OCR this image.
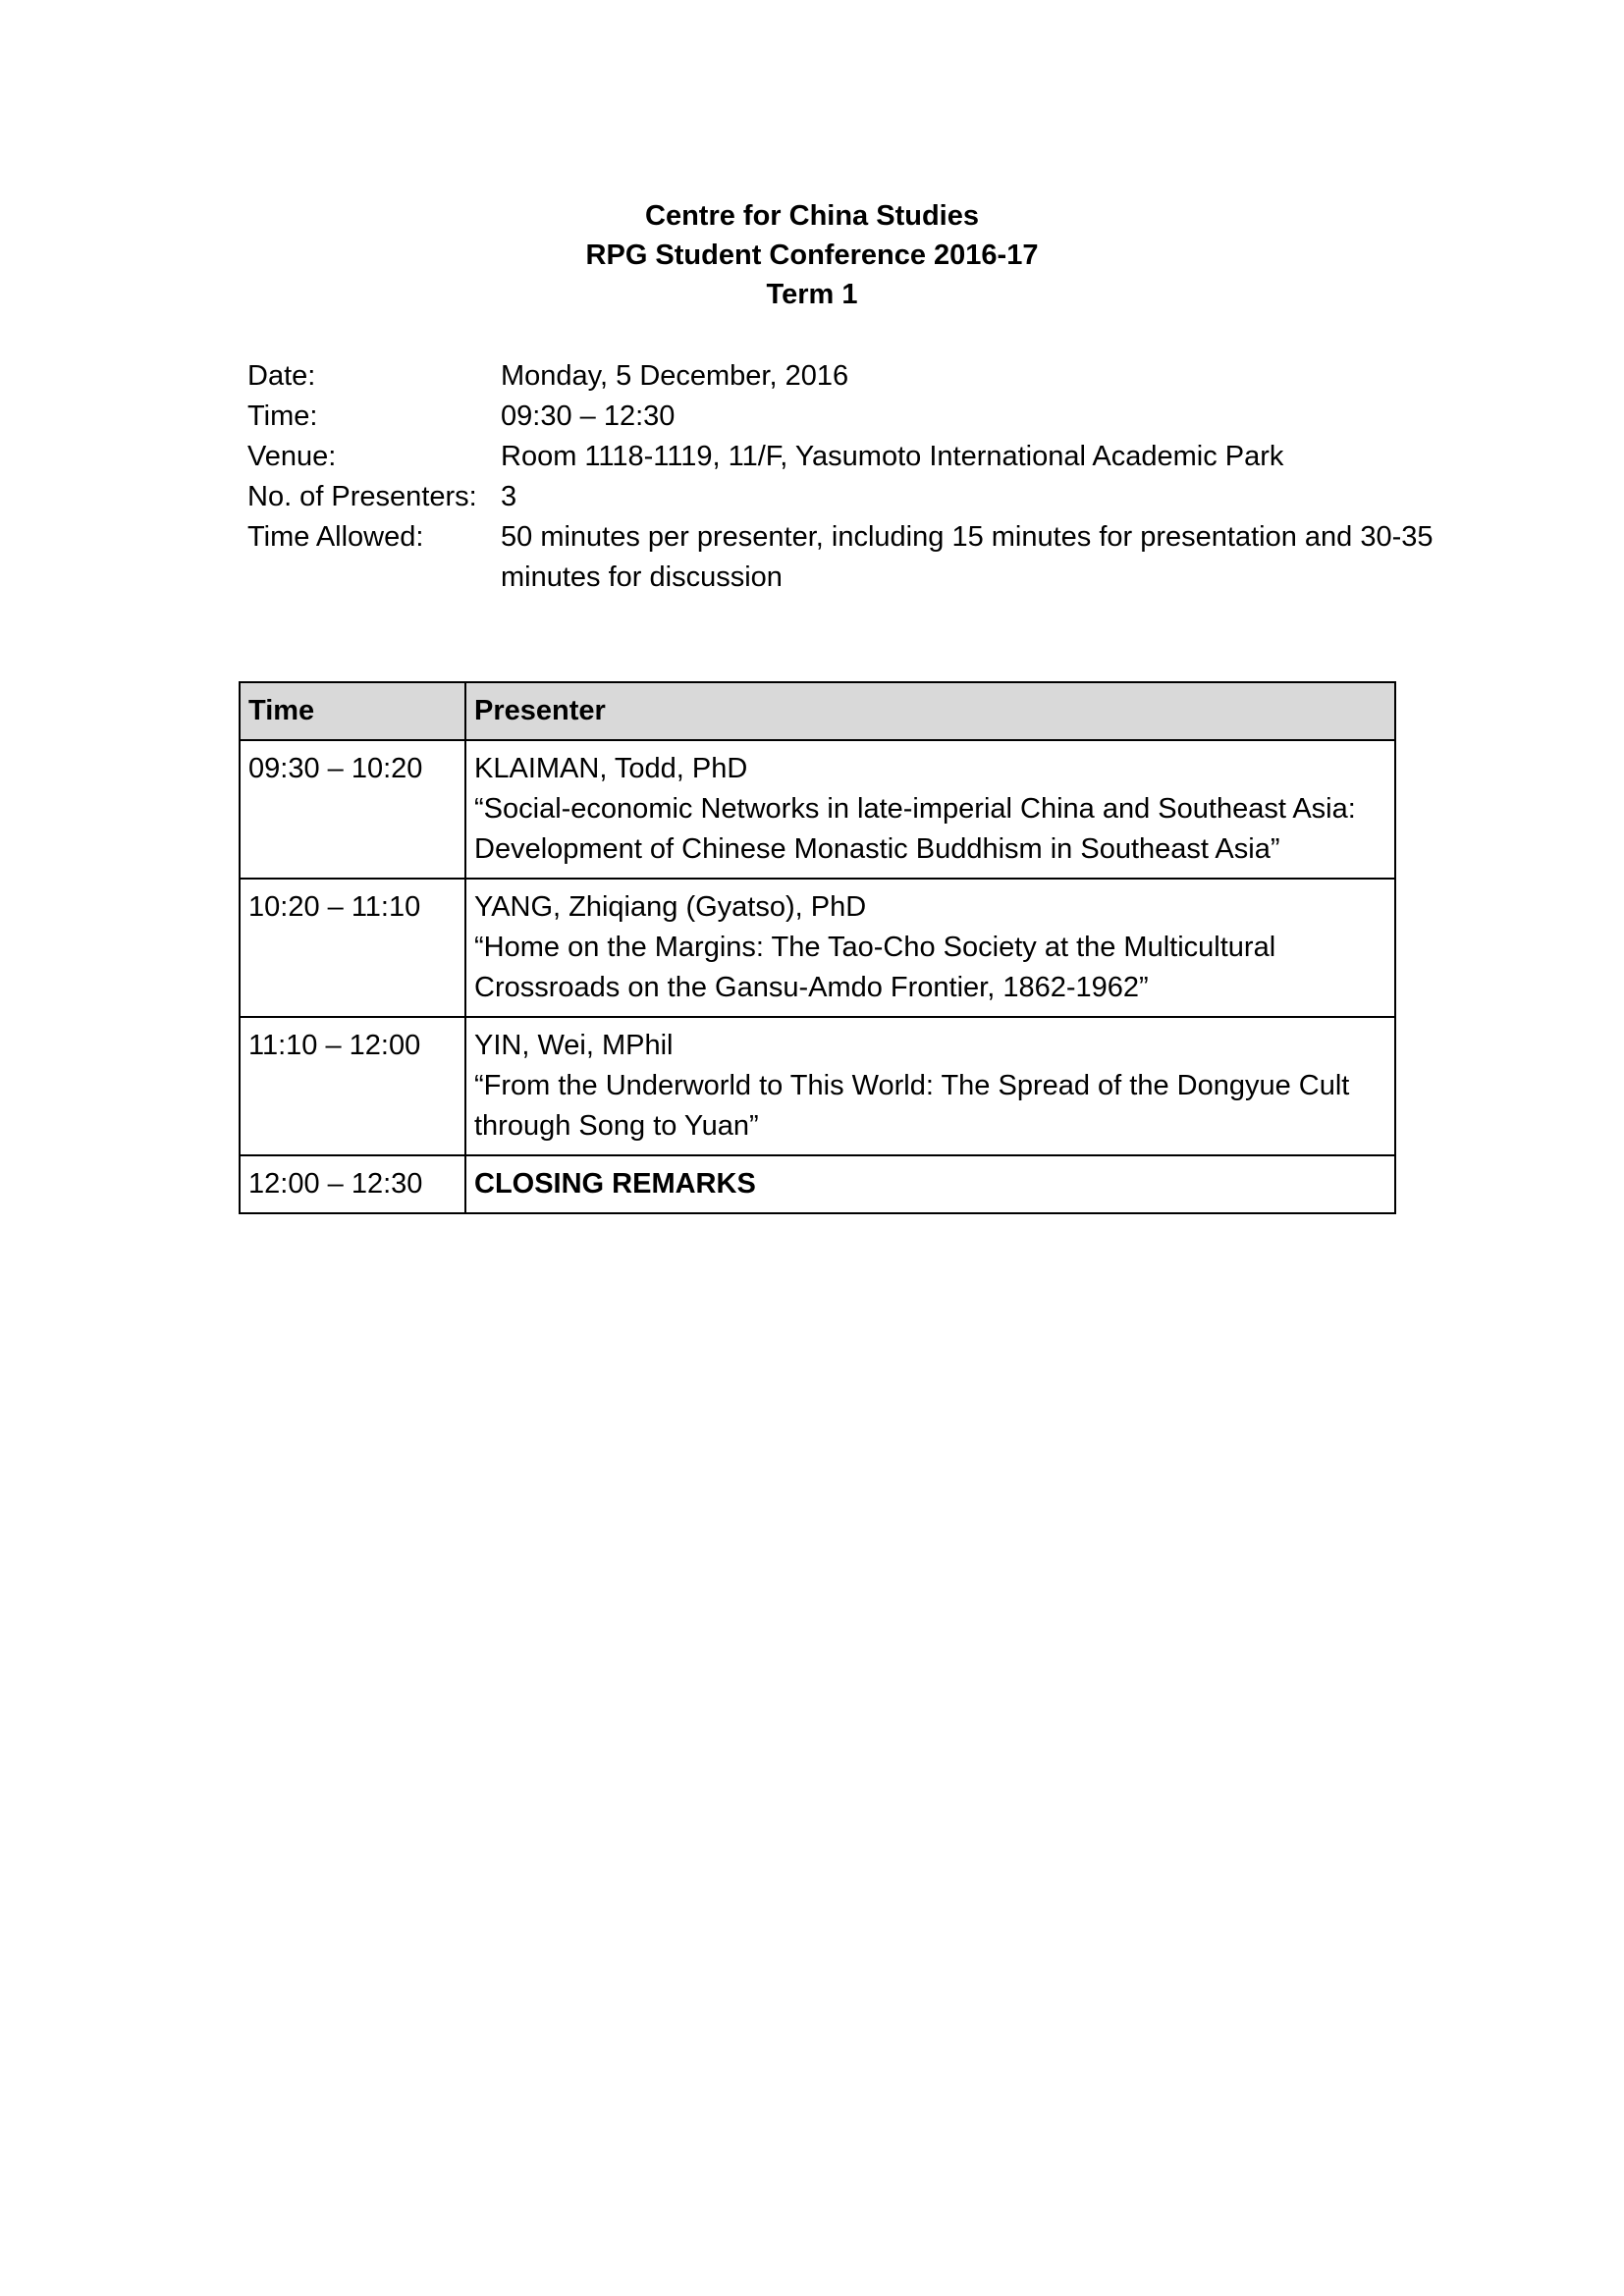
Centre for China Studies
RPG Student Conference 2016-17
Term 1
Date:	Monday, 5 December, 2016
Time:	09:30 – 12:30
Venue:	Room 1118-1119, 11/F, Yasumoto International Academic Park
No. of Presenters: 3
Time Allowed:	50 minutes per presenter, including 15 minutes for presentation and 30-35 minutes for discussion
Time	Presenter
09:30 – 10:20	KLAIMAN, Todd, PhD
“Social-economic Networks in late-imperial China and Southeast Asia: Development of Chinese Monastic Buddhism in Southeast Asia”

10:20 – 11:10	YANG, Zhiqiang (Gyatso), PhD
“Home on the Margins: The Tao-Cho Society at the Multicultural Crossroads on the Gansu-Amdo Frontier, 1862-1962”

11:10 – 12:00	YIN, Wei, MPhil
“From the Underworld to This World: The Spread of the Dongyue Cult through Song to Yuan”

12:00 – 12:30	CLOSING REMARKS
